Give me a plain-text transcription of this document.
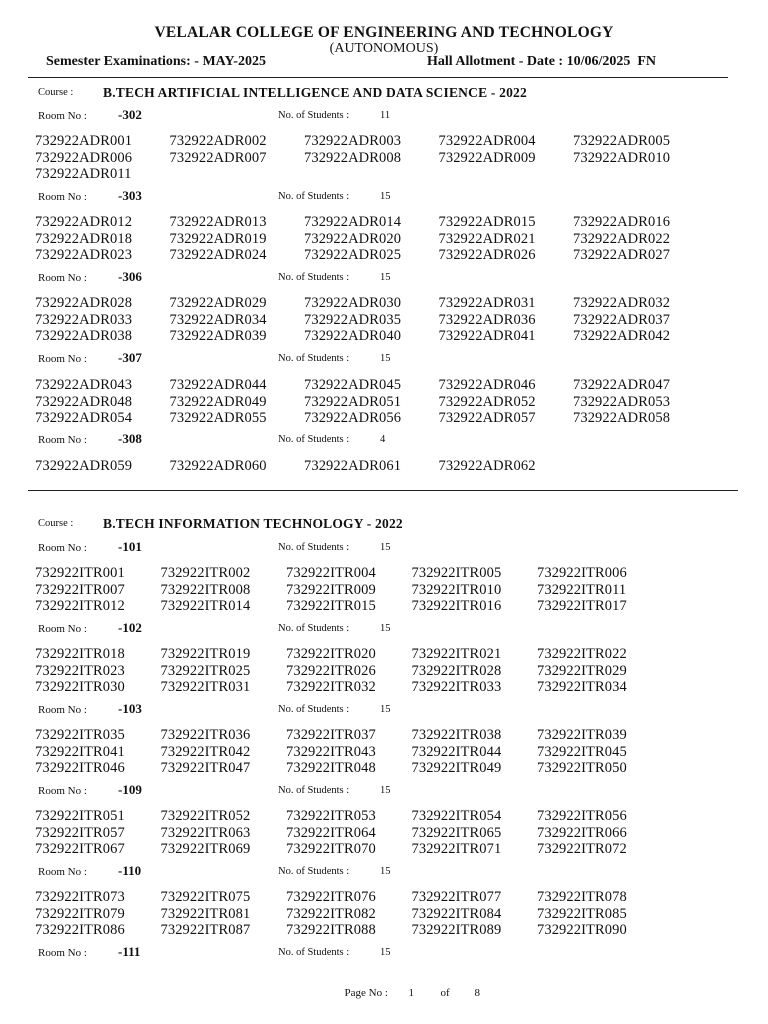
VELALAR COLLEGE OF ENGINEERING AND TECHNOLOGY
(AUTONOMOUS)
Semester Examinations: - MAY-2025	Hall Allotment - Date : 10/06/2025  FN
Course : B.TECH ARTIFICIAL INTELLIGENCE AND DATA SCIENCE - 2022
Room No : -302	No. of Students :	11
732922ADR001	732922ADR002	732922ADR003	732922ADR004	732922ADR005
732922ADR006	732922ADR007	732922ADR008	732922ADR009	732922ADR010
732922ADR011
Room No : -303	No. of Students :	15
732922ADR012	732922ADR013	732922ADR014	732922ADR015	732922ADR016
732922ADR018	732922ADR019	732922ADR020	732922ADR021	732922ADR022
732922ADR023	732922ADR024	732922ADR025	732922ADR026	732922ADR027
Room No : -306	No. of Students :	15
732922ADR028	732922ADR029	732922ADR030	732922ADR031	732922ADR032
732922ADR033	732922ADR034	732922ADR035	732922ADR036	732922ADR037
732922ADR038	732922ADR039	732922ADR040	732922ADR041	732922ADR042
Room No : -307	No. of Students :	15
732922ADR043	732922ADR044	732922ADR045	732922ADR046	732922ADR047
732922ADR048	732922ADR049	732922ADR051	732922ADR052	732922ADR053
732922ADR054	732922ADR055	732922ADR056	732922ADR057	732922ADR058
Room No : -308	No. of Students :	4
732922ADR059	732922ADR060	732922ADR061	732922ADR062
Course : B.TECH INFORMATION TECHNOLOGY - 2022
Room No : -101	No. of Students :	15
732922ITR001	732922ITR002	732922ITR004	732922ITR005	732922ITR006
732922ITR007	732922ITR008	732922ITR009	732922ITR010	732922ITR011
732922ITR012	732922ITR014	732922ITR015	732922ITR016	732922ITR017
Room No : -102	No. of Students :	15
732922ITR018	732922ITR019	732922ITR020	732922ITR021	732922ITR022
732922ITR023	732922ITR025	732922ITR026	732922ITR028	732922ITR029
732922ITR030	732922ITR031	732922ITR032	732922ITR033	732922ITR034
Room No : -103	No. of Students :	15
732922ITR035	732922ITR036	732922ITR037	732922ITR038	732922ITR039
732922ITR041	732922ITR042	732922ITR043	732922ITR044	732922ITR045
732922ITR046	732922ITR047	732922ITR048	732922ITR049	732922ITR050
Room No : -109	No. of Students :	15
732922ITR051	732922ITR052	732922ITR053	732922ITR054	732922ITR056
732922ITR057	732922ITR063	732922ITR064	732922ITR065	732922ITR066
732922ITR067	732922ITR069	732922ITR070	732922ITR071	732922ITR072
Room No : -110	No. of Students :	15
732922ITR073	732922ITR075	732922ITR076	732922ITR077	732922ITR078
732922ITR079	732922ITR081	732922ITR082	732922ITR084	732922ITR085
732922ITR086	732922ITR087	732922ITR088	732922ITR089	732922ITR090
Room No : -111	No. of Students :	15

Page No : 1 of 8
